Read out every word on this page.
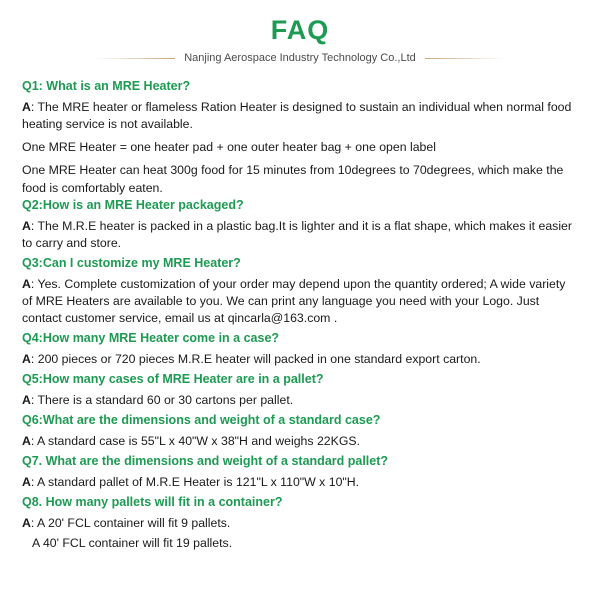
FAQ
Nanjing Aerospace Industry Technology Co.,Ltd
Q1: What is an MRE Heater?

A: The MRE heater or flameless Ration Heater is designed to sustain an individual when normal food heating service is not available.

One MRE Heater = one heater pad + one outer heater bag + one open label

One MRE Heater can heat 300g food for 15 minutes from 10degrees to 70degrees, which make the food is comfortably eaten.

Q2:How is an MRE Heater packaged?

A: The M.R.E heater is packed in a plastic bag.It is lighter and it is a flat shape, which makes it easier to carry and store.

Q3:Can I customize my MRE Heater?

A: Yes. Complete customization of your order may depend upon the quantity ordered; A wide variety of MRE Heaters are available to you. We can print any language you need with your Logo. Just contact customer service, email us at qincarla@163.com .

Q4:How many MRE Heater come in a case?

A: 200 pieces or 720 pieces M.R.E heater will packed in one standard export carton.

Q5:How many cases of MRE Heater are in a pallet?

A: There is a standard 60 or 30 cartons per pallet.

Q6:What are the dimensions and weight of a standard case?

A: A standard case is 55"L x 40"W x 38"H and weighs 22KGS.

Q7. What are the dimensions and weight of a standard pallet?

A: A standard pallet of M.R.E Heater is 121"L x 110"W x 10"H.

Q8. How many pallets will fit in a container?

A: A 20' FCL container will fit 9 pallets.

A 40' FCL container will fit 19 pallets.
